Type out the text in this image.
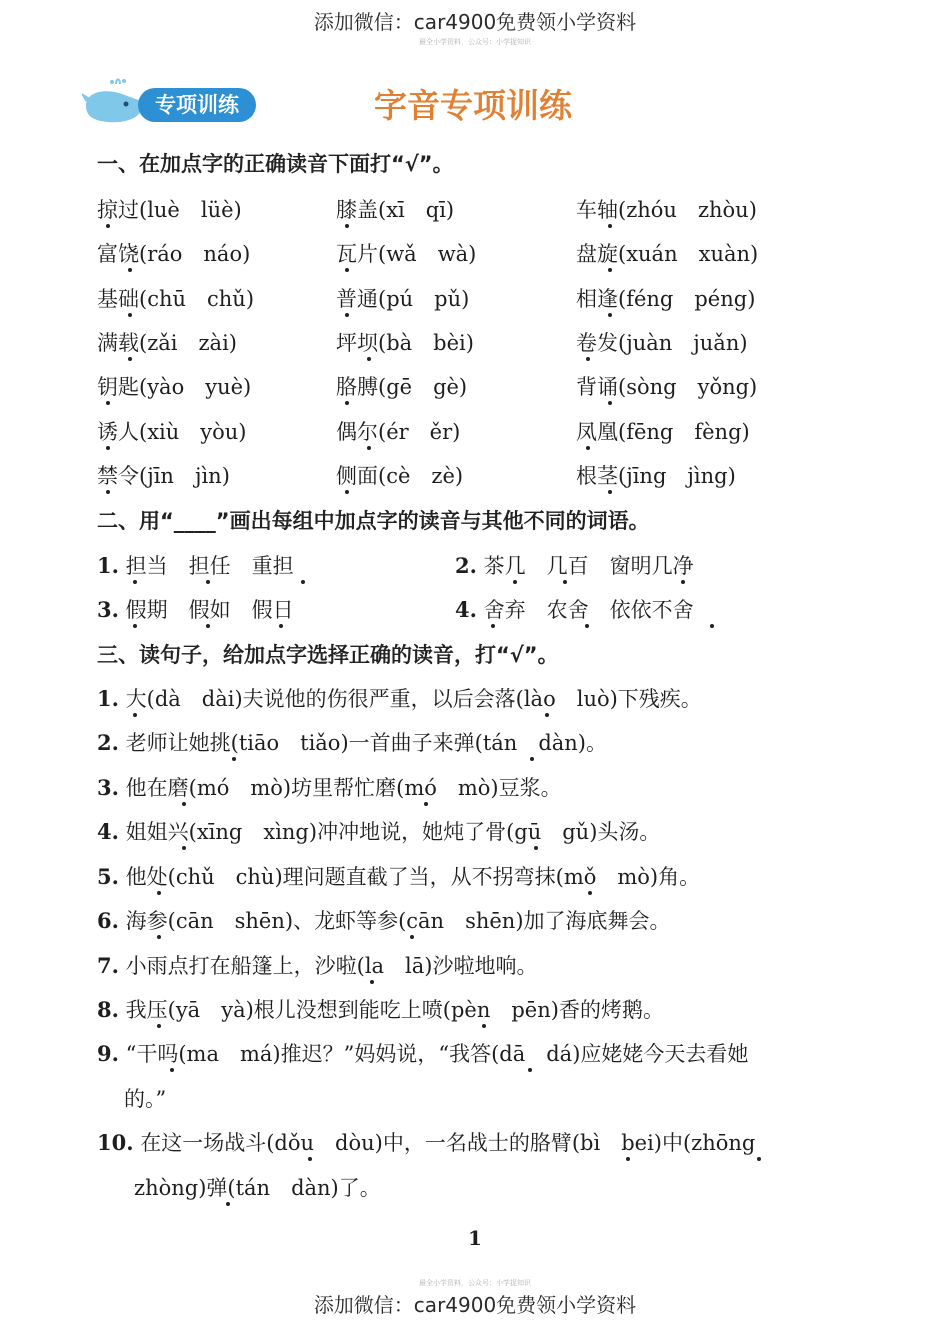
添加微信：car4900免费领小学资料
最全小学资料，公众号：小学捉知识
专项训练	字音专项训练
一、在加点字的正确读音下面打“√”。
掠过(luè　lüè)	膝盖(xī　qī)	车轴(zhóu　zhòu)
富饶(ráo　náo)	瓦片(wǎ　wà)	盘旋(xuán　xuàn)
基础(chū　chǔ)	普通(pú　pǔ)	相逢(féng　péng)
满载(zǎi　zài)	坪坝(bà　bèi)	卷发(juàn　juǎn)
钥匙(yào　yuè)	胳膊(gē　gè)	背诵(sòng　yǒng)
诱人(xiù　yòu)	偶尔(ér　ěr)	凤凰(fēng　fèng)
禁令(jīn　jìn)	侧面(cè　zè)	根茎(jīng　jìng)
二、用“____”画出每组中加点字的读音与其他不同的词语。
1. 担当　担任　重担	2. 茶几　几百　窗明几净
3. 假期　假如　假日	4. 舍弃　农舍　依依不舍
三、读句子，给加点字选择正确的读音，打“√”。
1. 大(dà　dài)夫说他的伤很严重，以后会落(lào　luò)下残疾。
2. 老师让她挑(tiāo　tiǎo)一首曲子来弹(tán　dàn)。
3. 他在磨(mó　mò)坊里帮忙磨(mó　mò)豆浆。
4. 姐姐兴(xīng　xìng)冲冲地说，她炖了骨(gū　gǔ)头汤。
5. 他处(chǔ　chù)理问题直截了当，从不拐弯抹(mǒ　mò)角。
6. 海参(cān　shēn)、龙虾等参(cān　shēn)加了海底舞会。
7. 小雨点打在船篷上，沙啦(la　lā)沙啦地响。
8. 我压(yā　yà)根儿没想到能吃上喷(pèn　pēn)香的烤鹅。
9. “干吗(ma　má)推迟？”妈妈说，“我答(dā　dá)应姥姥今天去看她
的。”
10. 在这一场战斗(dǒu　dòu)中，一名战士的胳臂(bì　bei)中(zhōng
zhòng)弹(tán　dàn)了。
1
最全小学资料，公众号：小学捉知识
添加微信：car4900免费领小学资料
